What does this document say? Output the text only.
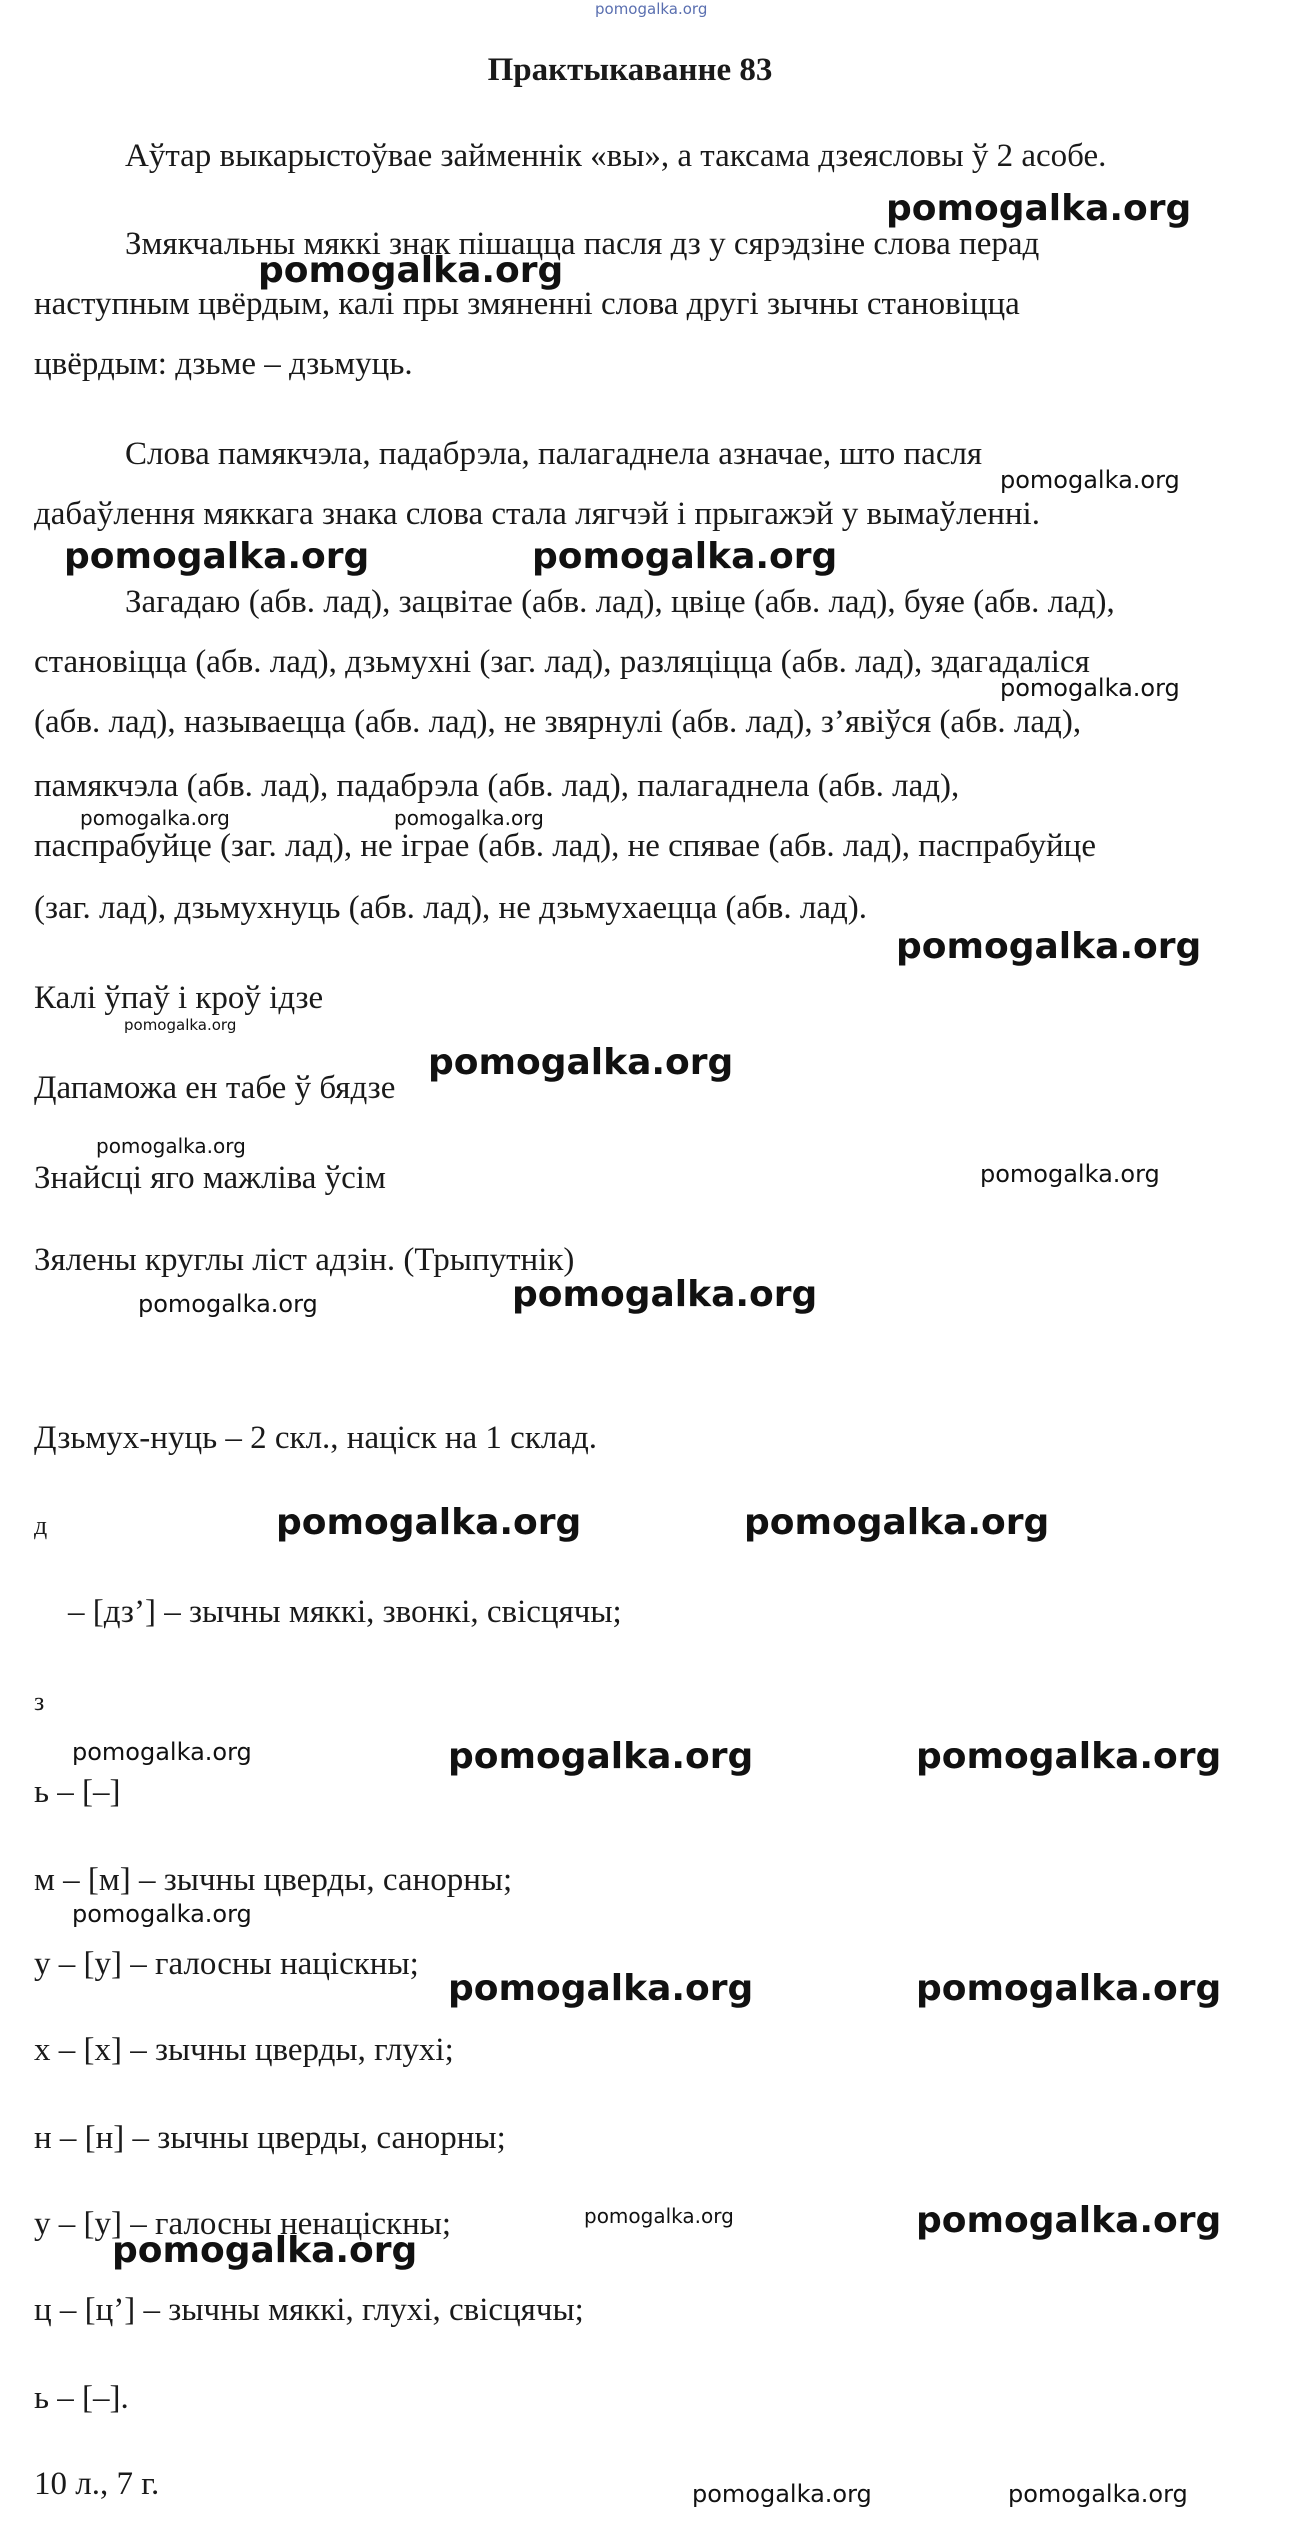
pomogalka.org
Практыкаванне 83
Аўтар выкарыстоўвае займеннік «вы», а таксама дзеясловы ў 2 асобе.
Змякчальны мяккі знак пішацца пасля дз у сярэдзіне слова перад
наступным цвёрдым, калі пры змяненні слова другі зычны становіцца
цвёрдым: дзьме – дзьмуць.
Слова памякчэла, падабрэла, палагаднела азначае, што пасля
дабаўлення мяккага знака слова стала лягчэй і прыгажэй у вымаўленні.
Загадаю (абв. лад), зацвітае (абв. лад), цвіце (абв. лад), буяе (абв. лад),
становіцца (абв. лад), дзьмухні (заг. лад), разляціцца (абв. лад), здагадаліся
(абв. лад), называецца (абв. лад), не звярнулі (абв. лад), з’явіўся (абв. лад),
памякчэла (абв. лад), падабрэла (абв. лад), палагаднела (абв. лад),
паспрабуйце (заг. лад), не іграе (абв. лад), не спявае (абв. лад), паспрабуйце
(заг. лад), дзьмухнуць (абв. лад), не дзьмухаецца (абв. лад).
Калі ўпаў і кроў ідзе
Дапаможа ен табе ў бядзе
Знайсці яго мажліва ўсім
Зялены круглы ліст адзін. (Трыпутнік)
Дзьмух-нуць – 2 скл., націск на 1 склад.
д
– [дз’] – зычны мяккі, звонкі, свісцячы;
з
ь – [–]
м – [м] – зычны цверды, санорны;
у – [у] – галосны націскны;
х – [х] – зычны цверды, глухі;
н – [н] – зычны цверды, санорны;
у – [у] – галосны ненаціскны;
ц – [ц’] – зычны мяккі, глухі, свісцячы;
ь – [–].
10 л., 7 г.
pomogalka.org
pomogalka.org
pomogalka.org
pomogalka.org	pomogalka.org
pomogalka.org
pomogalka.org	pomogalka.org
pomogalka.org
pomogalka.org
pomogalka.org
pomogalka.org
pomogalka.org
pomogalka.org	pomogalka.org
pomogalka.org	pomogalka.org
pomogalka.org	pomogalka.org	pomogalka.org
pomogalka.org
pomogalka.org	pomogalka.org
pomogalka.org	pomogalka.org
pomogalka.org
pomogalka.org	pomogalka.org
